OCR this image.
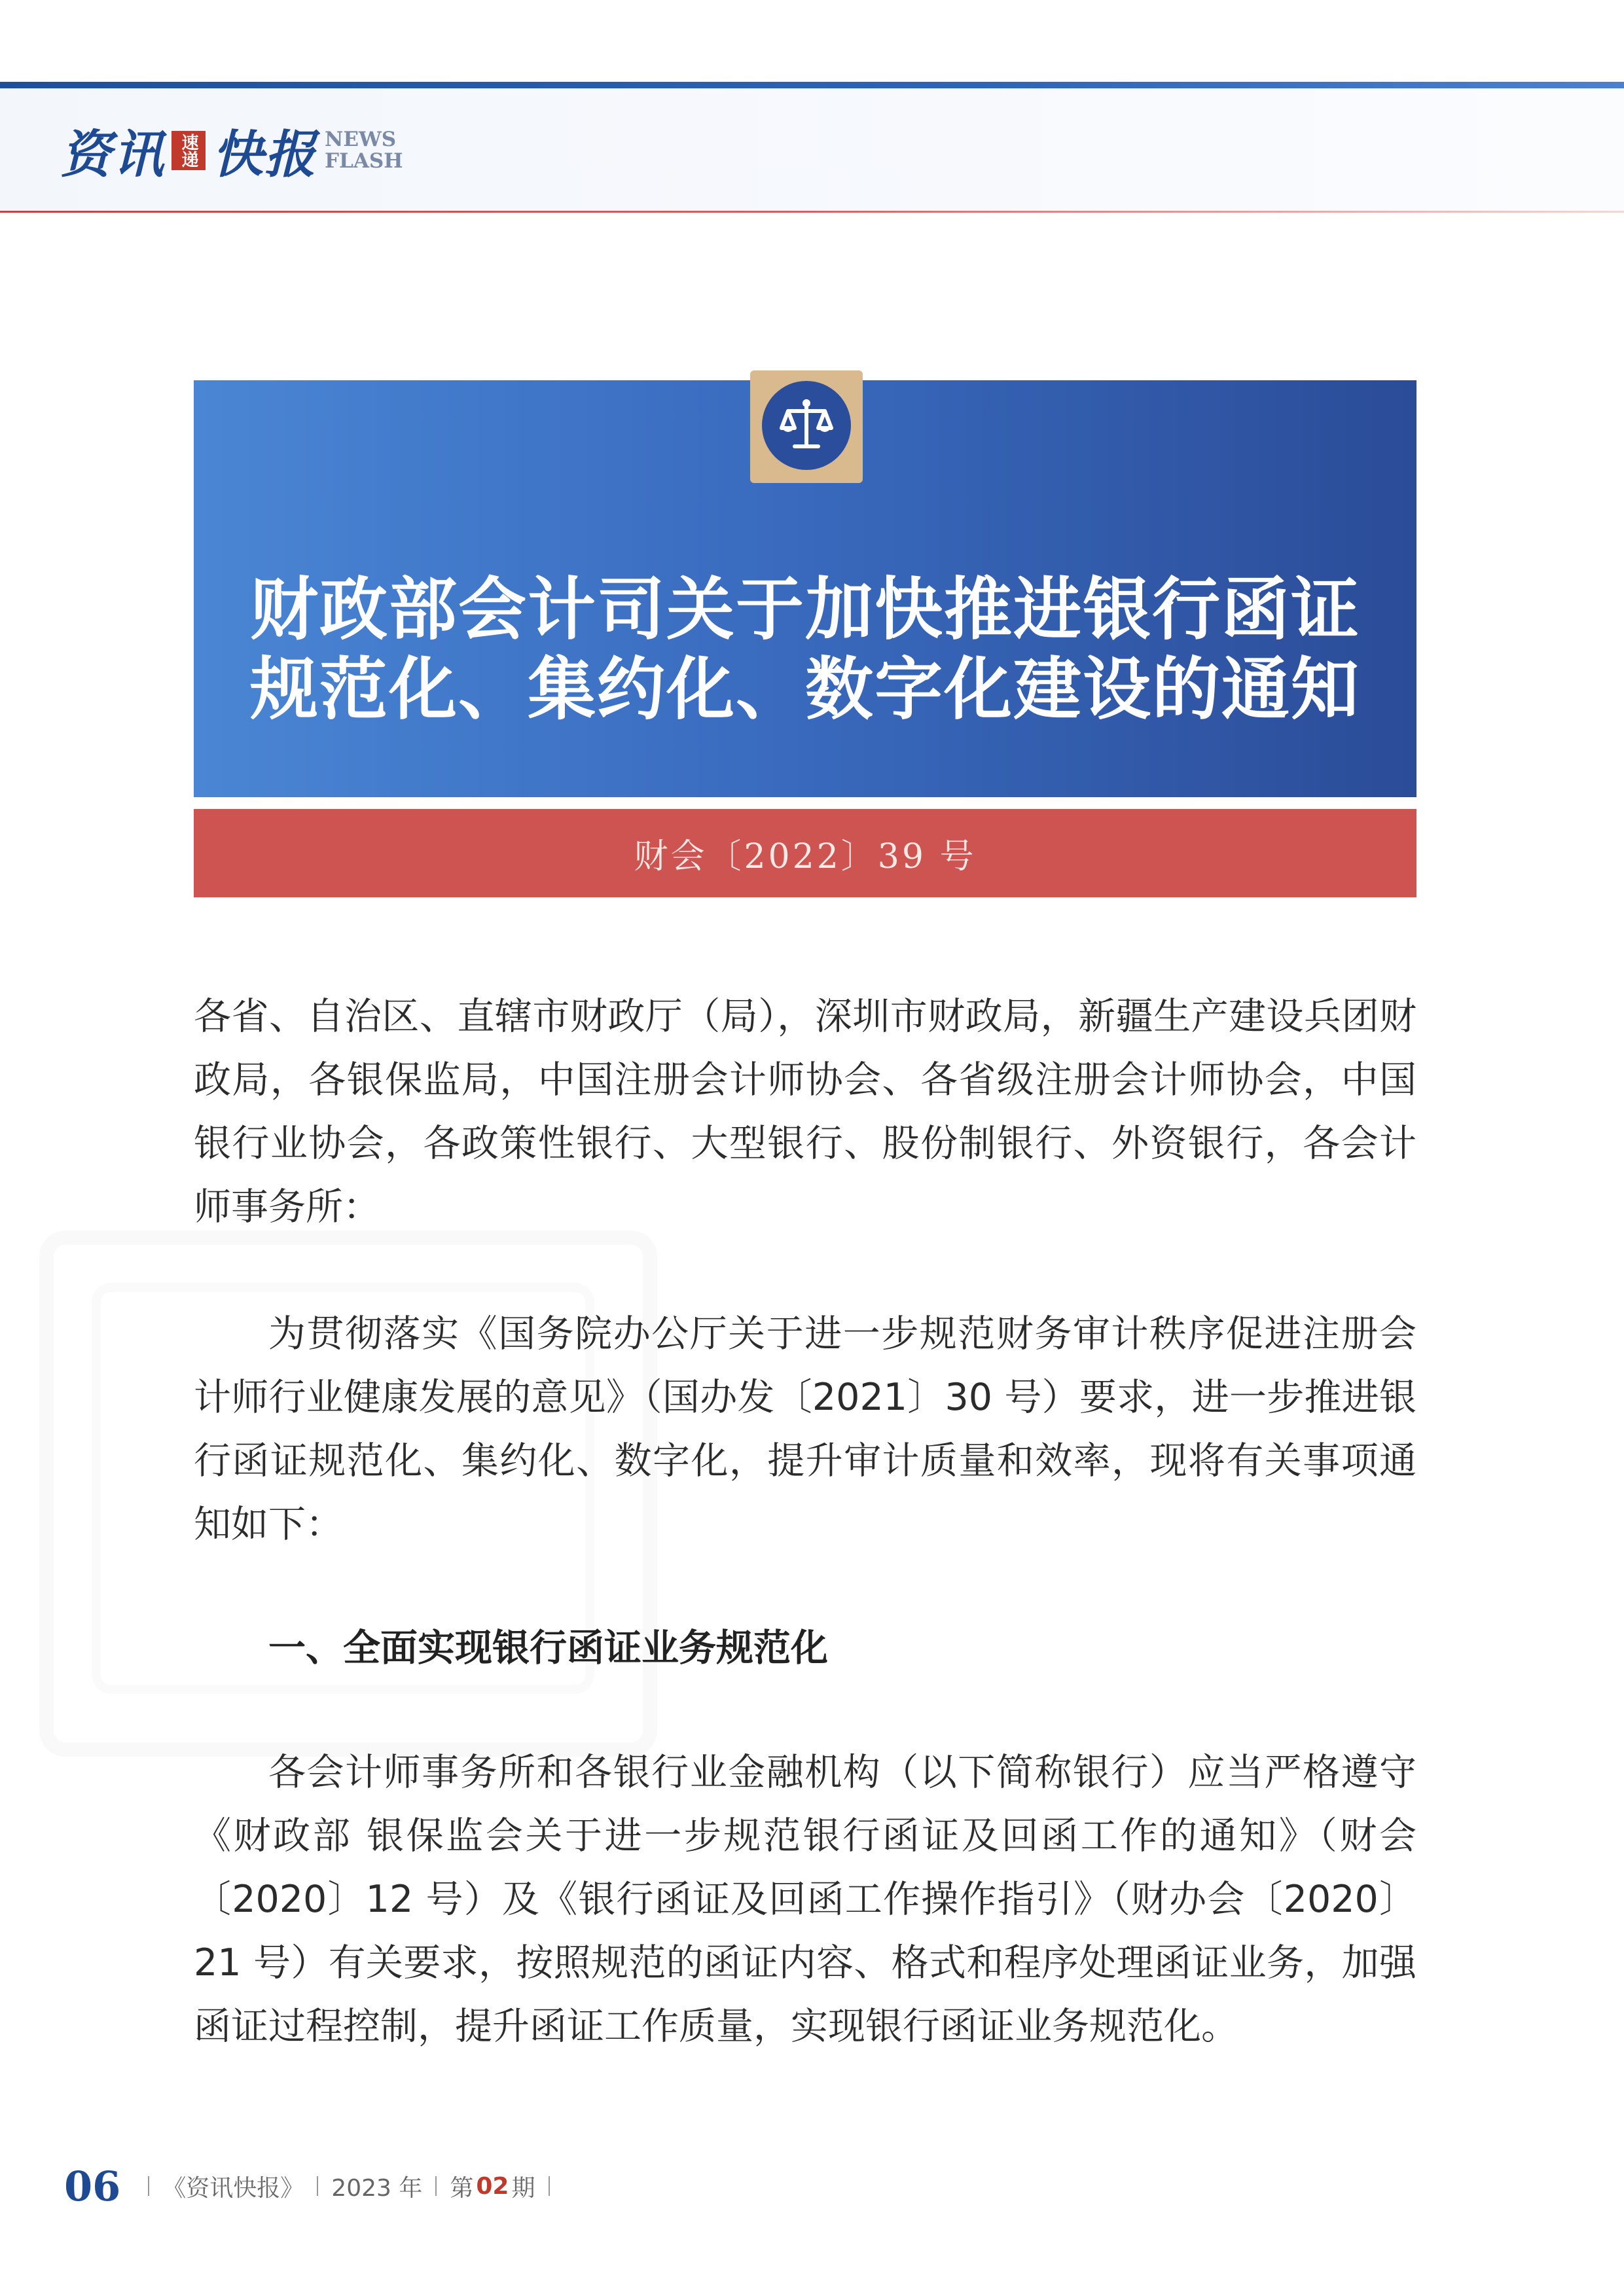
资讯 速递 快报 NEWS
FLASH
财政部会计司关于加快推进银行函证
规范化、集约化、数字化建设的通知
财会〔2022〕39 号
各省、自治区、直辖市财政厅（局），深圳市财政局，新疆生产建设兵团财政局，各银保监局，中国注册会计师协会、各省级注册会计师协会，中国银行业协会，各政策性银行、大型银行、股份制银行、外资银行，各会计师事务所：
为贯彻落实《国务院办公厅关于进一步规范财务审计秩序促进注册会计师行业健康发展的意见》（国办发〔2021〕30 号）要求，进一步推进银行函证规范化、集约化、数字化，提升审计质量和效率，现将有关事项通知如下：
一、全面实现银行函证业务规范化
各会计师事务所和各银行业金融机构（以下简称银行）应当严格遵守《财政部 银保监会关于进一步规范银行函证及回函工作的通知》（财会〔2020〕12 号）及《银行函证及回函工作操作指引》（财办会〔2020〕21 号）有关要求，按照规范的函证内容、格式和程序处理函证业务，加强函证过程控制，提升函证工作质量，实现银行函证业务规范化。
06 《资讯快报》 2023 年 第 02 期
